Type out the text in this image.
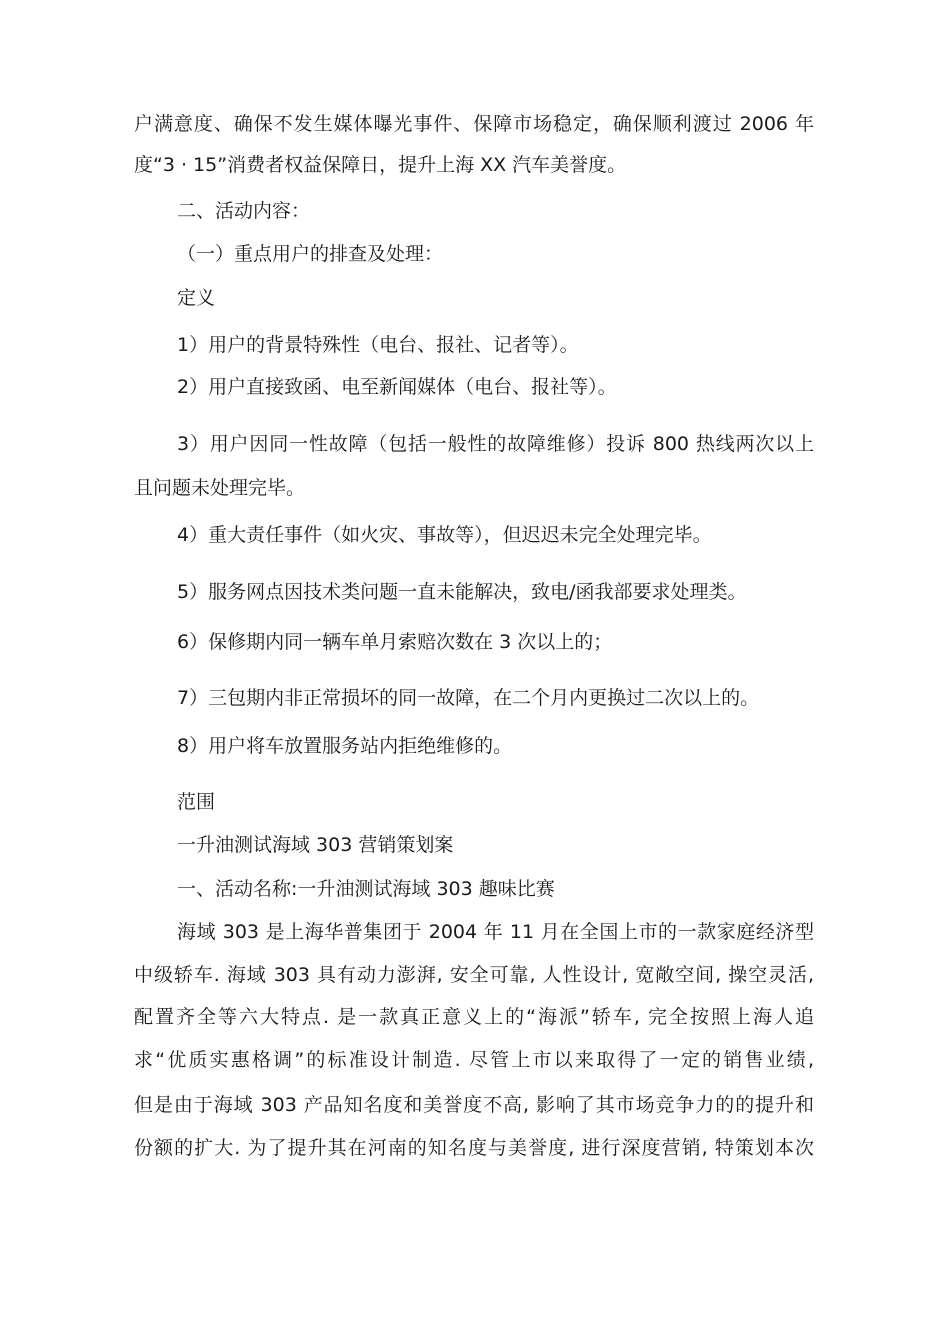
户满意度、确保不发生媒体曝光事件、保障市场稳定，确保顺利渡过 2006 年
度“3 · 15”消费者权益保障日，提升上海 XX 汽车美誉度。
二、活动内容：
（一）重点用户的排查及处理：
定义
1）用户的背景特殊性（电台、报社、记者等）。
2）用户直接致函、电至新闻媒体（电台、报社等）。
3）用户因同一性故障（包括一般性的故障维修）投诉 800 热线两次以上
且问题未处理完毕。
4）重大责任事件（如火灾、事故等），但迟迟未完全处理完毕。
5）服务网点因技术类问题一直未能解决，致电/函我部要求处理类。
6）保修期内同一辆车单月索赔次数在 3 次以上的；
7）三包期内非正常损坏的同一故障，在二个月内更换过二次以上的。
8）用户将车放置服务站内拒绝维修的。
范围
一升油测试海域 303 营销策划案
一、活动名称:一升油测试海域 303 趣味比赛
海域 303 是上海华普集团于 2004 年 11 月在全国上市的一款家庭经济型
中级轿车. 海域 303 具有动力澎湃, 安全可靠, 人性设计, 宽敞空间, 操空灵活,
配置齐全等六大特点. 是一款真正意义上的“海派”轿车, 完全按照上海人追
求“优质实惠格调”的标准设计制造. 尽管上市以来取得了一定的销售业绩,
但是由于海域 303 产品知名度和美誉度不高, 影响了其市场竞争力的的提升和
份额的扩大. 为了提升其在河南的知名度与美誉度, 进行深度营销, 特策划本次
